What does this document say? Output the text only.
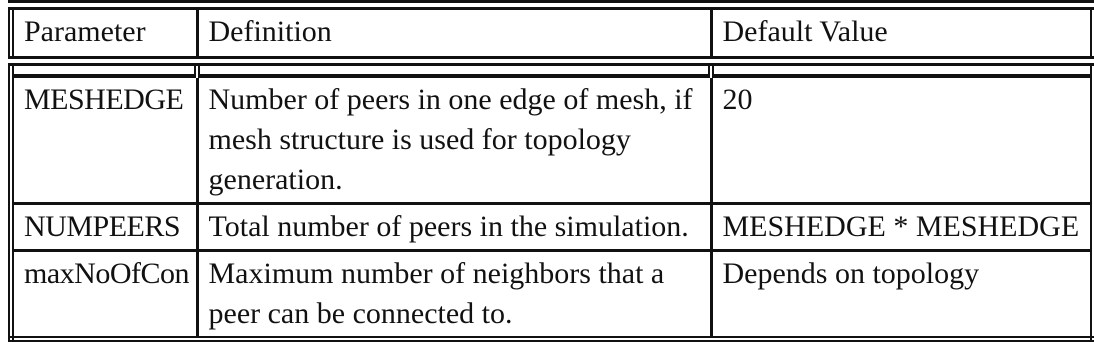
Parameter	Definition	Default Value

MESHEDGE	Number of peers in one edge of mesh, if mesh structure is used for topology generation.	20
NUMPEERS	Total number of peers in the simulation.	MESHEDGE * MESHEDGE
maxNoOfCon	Maximum number of neighbors that a peer can be connected to.	Depends on topology
